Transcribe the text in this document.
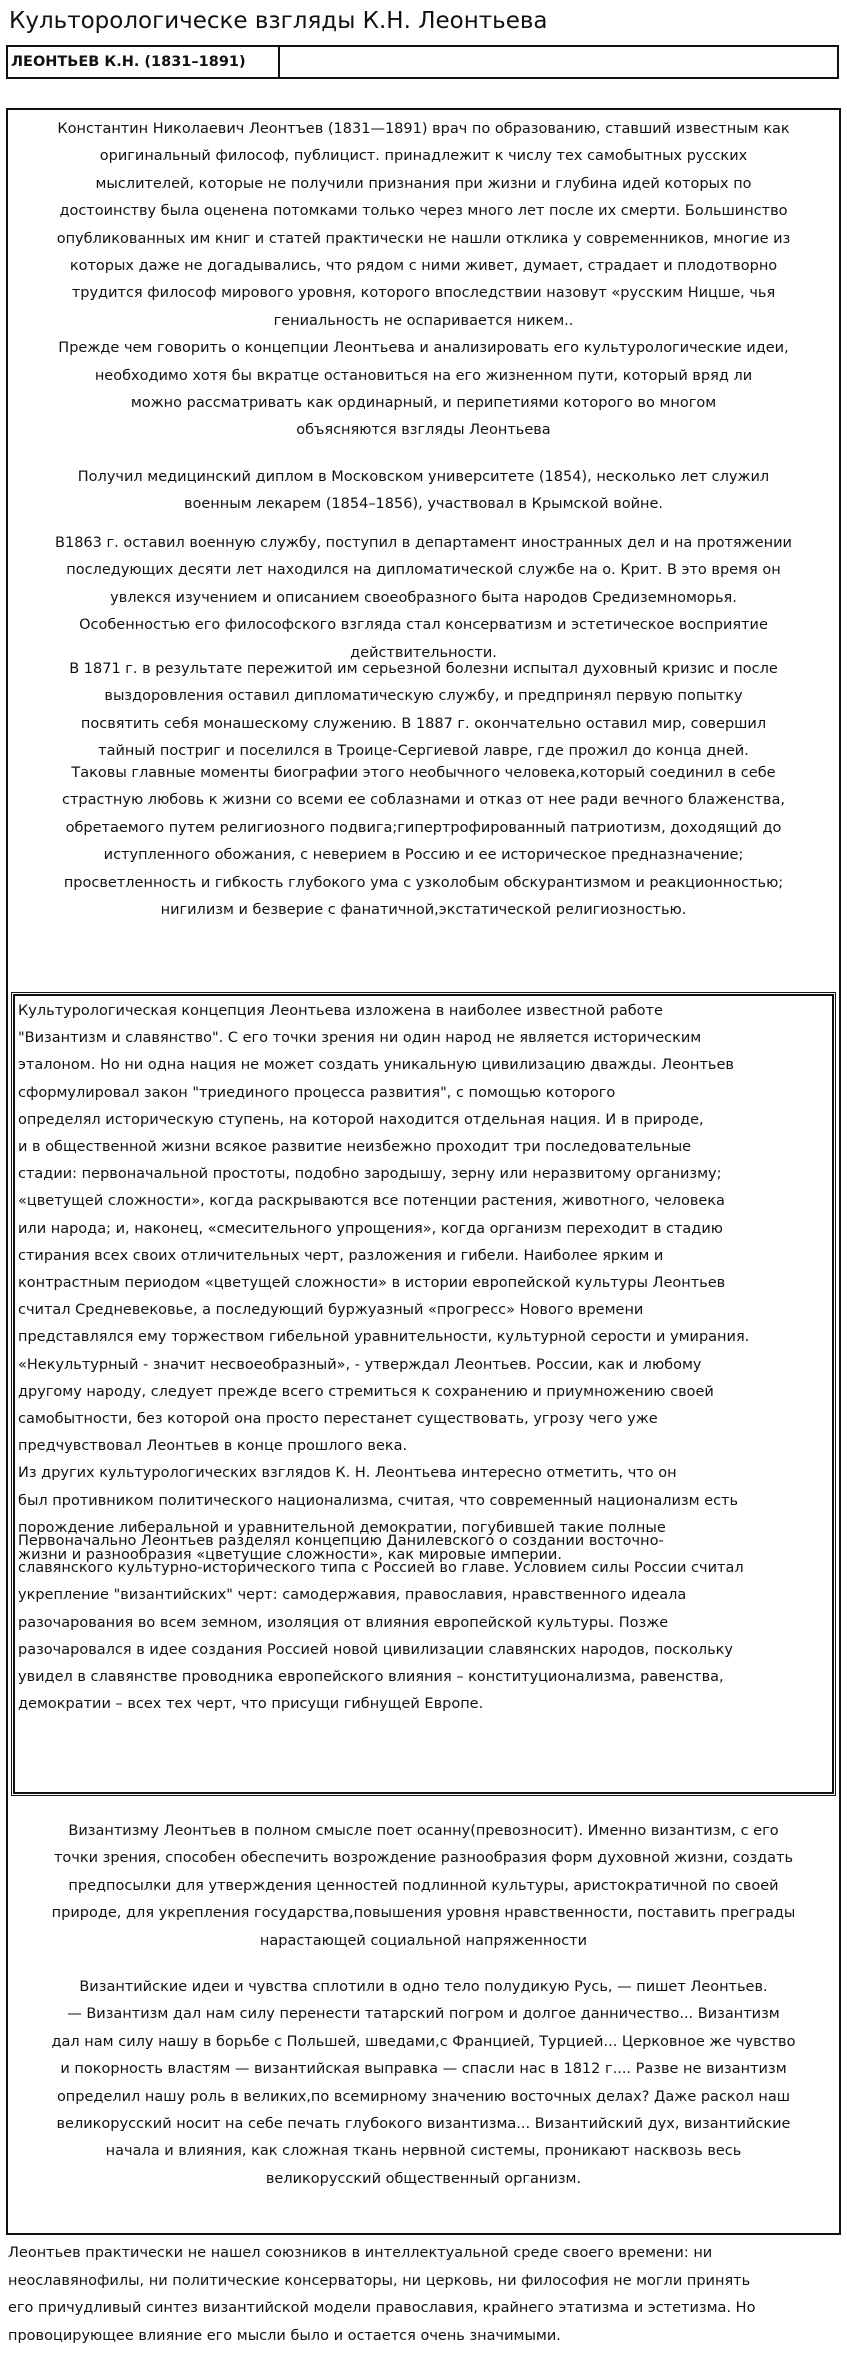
Культорологическе взгляды К.Н. Леонтьева
ЛЕОНТЬЕВ К.Н. (1831–1891)

Константин Николаевич Леонтъев (1831—1891) врач по образованию, ставший известным как
оригинальный философ, публицист. принадлежит к числу тех самобытных русских
мыслителей, которые не получили признания при жизни и глубина идей которых по
достоинству была оценена потомками только через много лет после их смерти. Большинство
опубликованных им книг и статей практически не нашли отклика у современников, многие из
которых даже не догадывались, что рядом с ними живет, думает, страдает и плодотворно
трудится философ мирового уровня, которого впоследствии назовут «русским Ницше, чья
гениальность не оспаривается никем..
Прежде чем говорить о концепции Леонтьева и анализировать его культурологические идеи,
необходимо хотя бы вкратце остановиться на его жизненном пути, который вряд ли
можно рассматривать как ординарный, и перипетиями которого во многом
объясняются взгляды Леонтьева

Получил медицинский диплом в Московском университете (1854), несколько лет служил
военным лекарем (1854–1856), участвовал в Крымской войне.

В1863 г. оставил военную службу, поступил в департамент иностранных дел и на протяжении
последующих десяти лет находился на дипломатической службе на о. Крит. В это время он
увлекся изучением и описанием своеобразного быта народов Средиземноморья.
Особенностью его философского взгляда стал консерватизм и эстетическое восприятие
действительности.

В 1871 г. в результате пережитой им серьезной болезни испытал духовный кризис и после
выздоровления оставил дипломатическую службу, и предпринял первую попытку
посвятить себя монашескому служению. В 1887 г. окончательно оставил мир, совершил
тайный постриг и поселился в Троице-Сергиевой лавре, где прожил до конца дней.

Таковы главные моменты биографии этого необычного человека,который соединил в себе
страстную любовь к жизни со всеми ее соблазнами и отказ от нее ради вечного блаженства,
обретаемого путем религиозного подвига;гипертрофированный патриотизм, доходящий до
иступленного обожания, с неверием в Россию и ее историческое предназначение;
просветленность и гибкость глубокого ума с узколобым обскурантизмом и реакционностью;
нигилизм и безверие с фанатичной,экстатической религиозностью.

Культурологическая концепция Леонтьева изложена в наиболее известной работе
"Византизм и славянство". С его точки зрения ни один народ не является историческим
эталоном. Но ни одна нация не может создать уникальную цивилизацию дважды. Леонтьев
сформулировал закон "триединого процесса развития", с помощью которого
определял историческую ступень, на которой находится отдельная нация. И в природе,
и в общественной жизни всякое развитие неизбежно проходит три последовательные
стадии: первоначальной простоты, подобно зародышу, зерну или неразвитому организму;
«цветущей сложности», когда раскрываются все потенции растения, животного, человека
или народа; и, наконец, «смесительного упрощения», когда организм переходит в стадию
стирания всех своих отличительных черт, разложения и гибели. Наиболее ярким и
контрастным периодом «цветущей сложности» в истории европейской культуры Леонтьев
считал Средневековье, а последующий буржуазный «прогресс» Нового времени
представлялся ему торжеством гибельной уравнительности, культурной серости и умирания.
«Некультурный - значит несвоеобразный», - утверждал Леонтьев. России, как и любому
другому народу, следует прежде всего стремиться к сохранению и приумножению своей
самобытности, без которой она просто перестанет существовать, угрозу чего уже
предчувствовал Леонтьев в конце прошлого века.
Из других культурологических взглядов К. Н. Леонтьева интересно отметить, что он
был противником политического национализма, считая, что современный национализм есть
порождение либеральной и уравнительной демократии, погубившей такие полные
жизни и разнообразия «цветущие сложности», как мировые империи.

Первоначально Леонтьев разделял концепцию Данилевского о создании восточно-
славянского культурно-исторического типа с Россией во главе. Условием силы России считал
укрепление "византийских" черт: самодержавия, православия, нравственного идеала
разочарования во всем земном, изоляция от влияния европейской культуры. Позже
разочаровался в идее создания Россией новой цивилизации славянских народов, поскольку
увидел в славянстве проводника европейского влияния – конституционализма, равенства,
демократии – всех тех черт, что присущи гибнущей Европе.

Византизму Леонтьев в полном смысле поет осанну(превозносит). Именно византизм, с его
точки зрения, способен обеспечить возрождение разнообразия форм духовной жизни, создать
предпосылки для утверждения ценностей подлинной культуры, аристократичной по своей
природе, для укрепления государства,повышения уровня нравственности, поставить преграды
нарастающей социальной напряженности

Византийские идеи и чувства сплотили в одно тело полудикую Русь, — пишет Леонтьев.
— Византизм дал нам силу перенести татарский погром и долгое данничество... Византизм
дал нам силу нашу в борьбе с Польшей, шведами,с Францией, Турцией... Церковное же чувство
и покорность властям — византийская выправка — спасли нас в 1812 г.... Разве не византизм
определил нашу роль в великих,по всемирному значению восточных делах? Даже раскол наш
великорусский носит на себе печать глубокого византизма... Византийский дух, византийские
начала и влияния, как сложная ткань нервной системы, проникают насквозь весь
великорусский общественный организм.

Леонтьев практически не нашел союзников в интеллектуальной среде своего времени: ни
неославянофилы, ни политические консерваторы, ни церковь, ни философия не могли принять
его причудливый синтез византийской модели православия, крайнего этатизма и эстетизма. Но
провоцирующее влияние его мысли было и остается очень значимыми.
